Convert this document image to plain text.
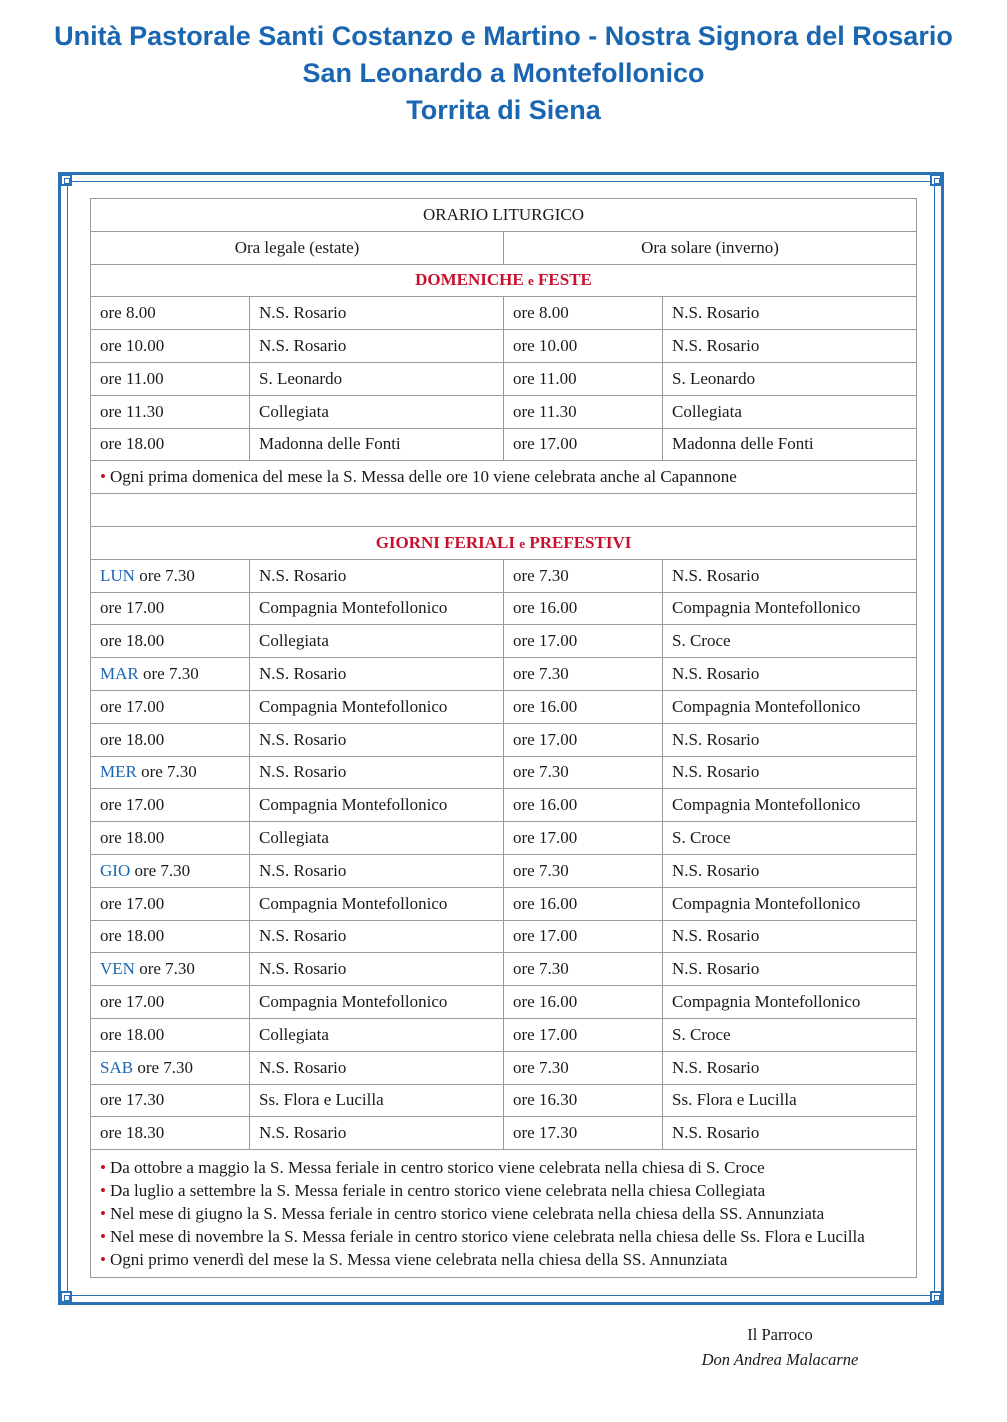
Unità Pastorale Santi Costanzo e Martino - Nostra Signora del Rosario
San Leonardo a Montefollonico
Torrita di Siena
ORARIO LITURGICO			
Ora legale (estate)		Ora solare (inverno)	
DOMENICHE e FESTE			
ore 8.00	N.S. Rosario	ore 8.00	N.S. Rosario
ore 10.00	N.S. Rosario	ore 10.00	N.S. Rosario
ore 11.00	S. Leonardo	ore 11.00	S. Leonardo
ore 11.30	Collegiata	ore 11.30	Collegiata
ore 18.00	Madonna delle Fonti	ore 17.00	Madonna delle Fonti
• Ogni prima domenica del mese la S. Messa delle ore 10 viene celebrata anche al Capannone			

GIORNI FERIALI e PREFESTIVI			
LUN ore 7.30	N.S. Rosario	ore 7.30	N.S. Rosario
ore 17.00	Compagnia Montefollonico	ore 16.00	Compagnia Montefollonico
ore 18.00	Collegiata	ore 17.00	S. Croce
MAR ore 7.30	N.S. Rosario	ore 7.30	N.S. Rosario
ore 17.00	Compagnia Montefollonico	ore 16.00	Compagnia Montefollonico
ore 18.00	N.S. Rosario	ore 17.00	N.S. Rosario
MER ore 7.30	N.S. Rosario	ore 7.30	N.S. Rosario
ore 17.00	Compagnia Montefollonico	ore 16.00	Compagnia Montefollonico
ore 18.00	Collegiata	ore 17.00	S. Croce
GIO ore 7.30	N.S. Rosario	ore 7.30	N.S. Rosario
ore 17.00	Compagnia Montefollonico	ore 16.00	Compagnia Montefollonico
ore 18.00	N.S. Rosario	ore 17.00	N.S. Rosario
VEN ore 7.30	N.S. Rosario	ore 7.30	N.S. Rosario
ore 17.00	Compagnia Montefollonico	ore 16.00	Compagnia Montefollonico
ore 18.00	Collegiata	ore 17.00	S. Croce
SAB ore 7.30	N.S. Rosario	ore 7.30	N.S. Rosario
ore 17.30	Ss. Flora e Lucilla	ore 16.30	Ss. Flora e Lucilla
ore 18.30	N.S. Rosario	ore 17.30	N.S. Rosario

• Da ottobre a maggio la S. Messa feriale in centro storico viene celebrata nella chiesa di S. Croce
• Da luglio a settembre la S. Messa feriale in centro storico viene celebrata nella chiesa Collegiata
• Nel mese di giugno la S. Messa feriale in centro storico viene celebrata nella chiesa della SS. Annunziata
• Nel mese di novembre la S. Messa feriale in centro storico viene celebrata nella chiesa delle Ss. Flora e Lucilla
• Ogni primo venerdì del mese la S. Messa viene celebrata nella chiesa della SS. Annunziata			
Il Parroco
Don Andrea Malacarne
